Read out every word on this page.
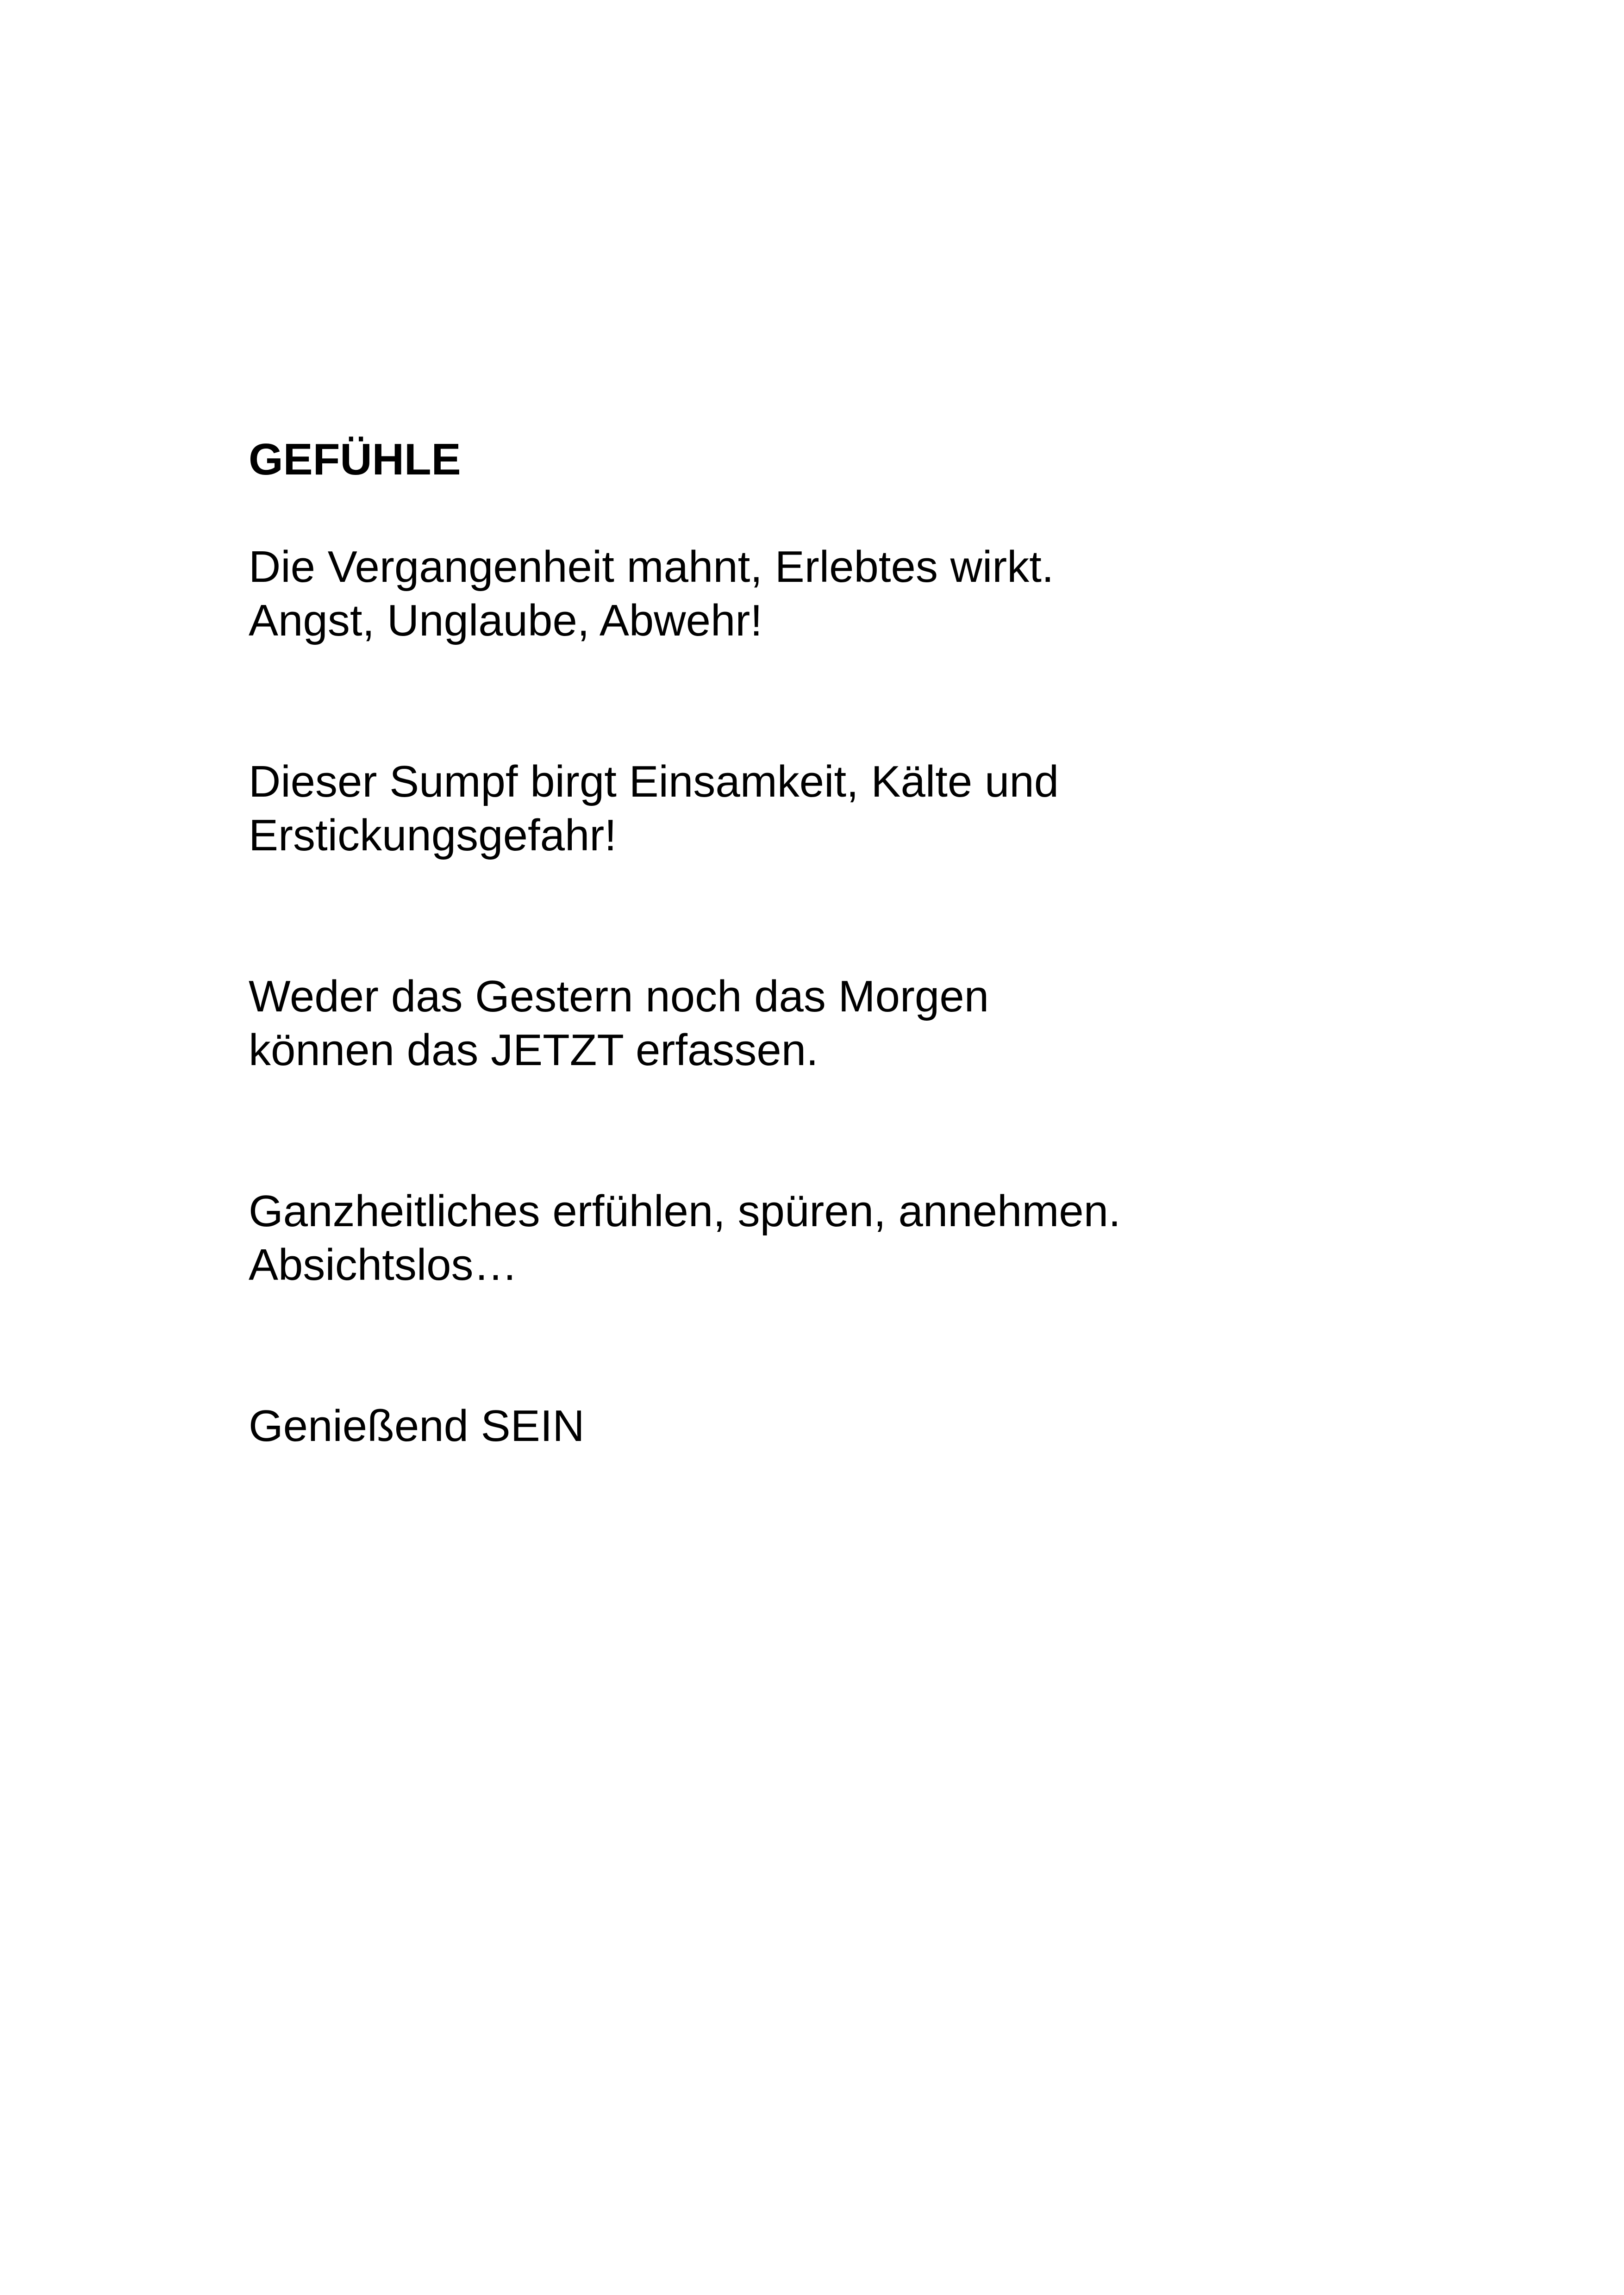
GEFÜHLE
Die Vergangenheit mahnt, Erlebtes wirkt.
Angst, Unglaube, Abwehr!
Dieser Sumpf birgt Einsamkeit, Kälte und
Erstickungsgefahr!
Weder das Gestern noch das Morgen
können das JETZT erfassen.
Ganzheitliches erfühlen, spüren, annehmen.
Absichtslos…
Genießend SEIN
